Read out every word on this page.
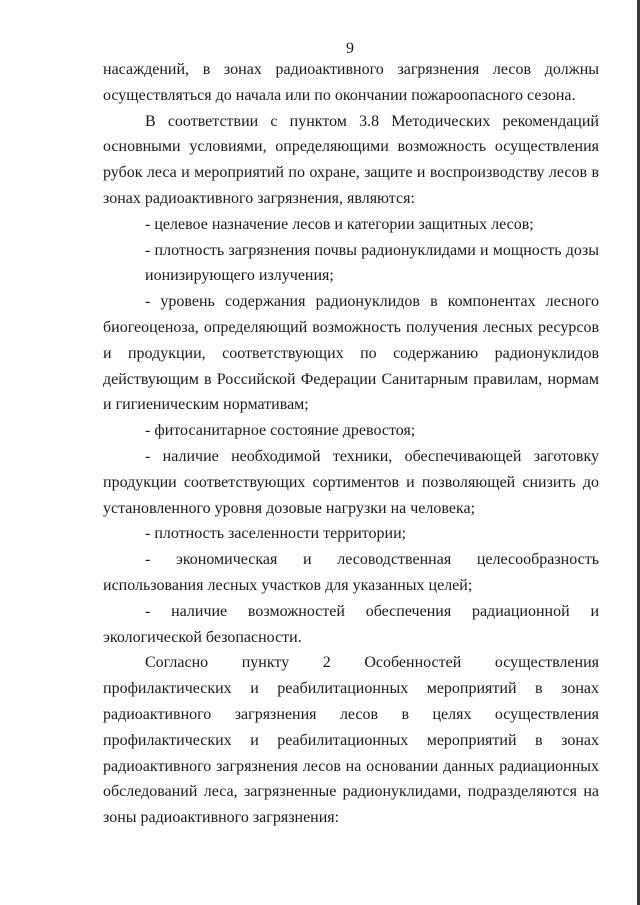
9

насаждений, в зонах радиоактивного загрязнения лесов должны осуществляться до начала или по окончании пожароопасного сезона.

В соответствии с пунктом 3.8 Методических рекомендаций основными условиями, определяющими возможность осуществления рубок леса и мероприятий по охране, защите и воспроизводству лесов в зонах радиоактивного загрязнения, являются:

- целевое назначение лесов и категории защитных лесов;

- плотность загрязнения почвы радионуклидами и мощность дозы ионизирующего излучения;

- уровень содержания радионуклидов в компонентах лесного биогеоценоза, определяющий возможность получения лесных ресурсов и продукции, соответствующих по содержанию радионуклидов действующим в Российской Федерации Санитарным правилам, нормам и гигиеническим нормативам;

- фитосанитарное состояние древостоя;

- наличие необходимой техники, обеспечивающей заготовку продукции соответствующих сортиментов и позволяющей снизить до установленного уровня дозовые нагрузки на человека;

- плотность заселенности территории;

- экономическая и лесоводственная целесообразность использования лесных участков для указанных целей;

- наличие возможностей обеспечения радиационной и экологической безопасности.

Согласно пункту 2 Особенностей осуществления профилактических и реабилитационных мероприятий в зонах радиоактивного загрязнения лесов в целях осуществления профилактических и реабилитационных мероприятий в зонах радиоактивного загрязнения лесов на основании данных радиационных обследований леса, загрязненные радионуклидами, подразделяются на зоны радиоактивного загрязнения:
